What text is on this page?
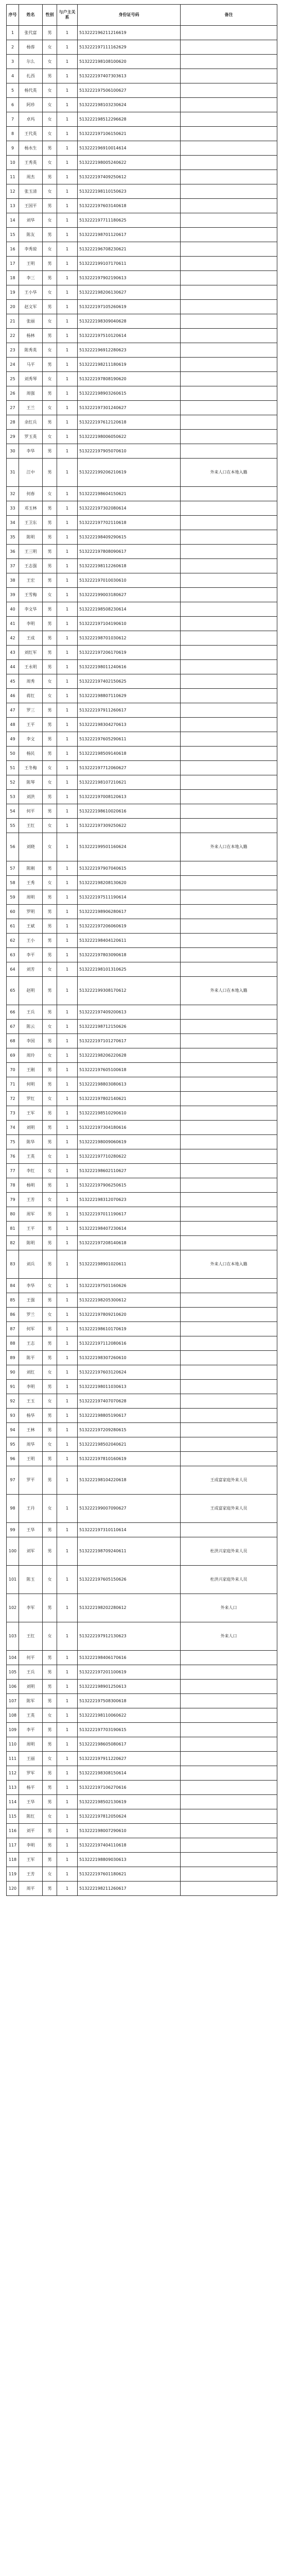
序号	姓名	性别	与户主关系	身份证号码	备注
1	张代富	男	1	513222196211216619	
2	杨蓉	女	1	513222197111162629	
3	尔么	女	1	513222198108100620	
4	扎西	男	1	513222197407303613	
5	杨代英	女	1	513222197506100627	
6	阿珍	女	1	513222198103230624	
7	卓玛	女	1	513222198512296628	
8	王代英	女	1	513222197106150621	
9	杨水生	男	1	513222196910014614	
10	王秀英	女	1	513222198005240622	
11	周杰	男	1	513222197409250612	
12	张玉清	女	1	513222198110150623	
13	王国平	男	1	513222197603140618	
14	刘华	女	1	513222197711180625	
15	陈友	男	1	513222198701120617	
16	李秀琼	女	1	513222196708230621	
17	王明	男	1	513222199107170611	
18	李三	男	1	513222197902190613	
19	王小华	女	1	513222198206130627	
20	赵文军	男	1	513222197105260619	
21	张丽	女	1	513222198309040628	
22	杨林	男	1	513222197510120614	
23	陈秀英	女	1	513222196912280623	
24	马平	男	1	513222198211180619	
25	刘秀琴	女	1	513222197808190620	
26	周强	男	1	513222198903260615	
27	王兰	女	1	513222197301240627	
28	余红兵	男	1	513222197612120618	
29	罗玉英	女	1	513222198006050622	
30	李华	男	1	513222197905070610	
31	江中	男	1	513222199206210619	外来人口在本地入籍
32	何春	女	1	513222198604150621	
33	邓玉林	男	1	513222197302080614	
34	王卫东	男	1	513222197702110618	
35	陈明	男	1	513222198409290615	
36	王三明	男	1	513222197808090617	
37	王志强	男	1	513222198112260618	
38	王宏	男	1	513222197010030610	
39	王雪梅	女	1	513222199003180627	
40	李文华	男	1	513222198508230614	
41	李明	男	1	513222197104190610	
42	王成	男	1	513222198701030612	
43	刘红军	男	1	513222197206170619	
44	王永明	男	1	513222198011240616	
45	周秀	女	1	513222197402150625	
46	蒋红	女	1	513222198807110629	
47	罗三	男	1	513222197911260617	
48	王平	男	1	513222198304270613	
49	李文	男	1	513222197605290611	
50	杨民	男	1	513222198509140618	
51	王冬梅	女	1	513222197712060627	
52	陈琴	女	1	513222198107210621	
53	刘洪	男	1	513222197008120613	
54	何平	男	1	513222198610020616	
55	王红	女	1	513222197309250622	
56	刘晓	女	1	513222199501160624	外来人口在本地入籍
57	陈刚	男	1	513222197907040615	
58	王秀	女	1	513222198208130620	
59	周明	男	1	513222197511190614	
60	罗明	男	1	513222198906280617	
61	王斌	男	1	513222197206060619	
62	王小	男	1	513222198404120611	
63	李平	男	1	513222197803090618	
64	刘芳	女	1	513222198101310625	
65	赵明	男	1	513222199308170612	外来人口在本地入籍
66	王兵	男	1	513222197409200613	
67	陈云	女	1	513222198712150626	
68	李国	男	1	513222197101270617	
69	周玲	女	1	513222198206220628	
70	王刚	男	1	513222197605100618	
71	何明	男	1	513222198803080613	
72	罗红	女	1	513222197802140621	
73	王军	男	1	513222198510290610	
74	刘明	男	1	513222197304180616	
75	陈华	男	1	513222198009060619	
76	王英	女	1	513222197710280622	
77	李红	女	1	513222198602110627	
78	杨明	男	1	513222197906250615	
79	王芳	女	1	513222198312070623	
80	周军	男	1	513222197011190617	
81	王平	男	1	513222198407230614	
82	陈明	男	1	513222197208140618	
83	刘兵	男	1	513222198901020611	外来人口在本地入籍
84	李华	女	1	513222197501160626	
85	王强	男	1	513222198205300612	
86	罗兰	女	1	513222197809210620	
87	何军	男	1	513222198610170619	
88	王志	男	1	513222197112080616	
89	陈平	男	1	513222198307260610	
90	刘红	女	1	513222197603120624	
91	李明	男	1	513222198011030613	
92	王玉	女	1	513222197407070628	
93	杨华	男	1	513222198805190617	
94	王林	男	1	513222197209280615	
95	周华	女	1	513222198502040621	
96	王明	男	1	513222197810160619	
97	罗平	男	1	513222198104220618	王成富家庭外来人员
98	王丹	女	1	513222199007090627	王成富家庭外来人员
99	王华	男	1	513222197310110614	
100	刘军	男	1	513222198709240611	杜洪兴家庭外来人员
101	陈玉	女	1	513222197605150626	杜洪兴家庭外来人员
102	李军	男	1	513222198202280612	外来人口
103	王红	女	1	513222197912130623	外来人口
104	何平	男	1	513222198406170616	
105	王兵	男	1	513222197201100619	
106	刘明	男	1	513222198901250613	
107	陈军	男	1	513222197508300618	
108	王英	女	1	513222198110060622	
109	李平	男	1	513222197703190615	
110	周明	男	1	513222198605080617	
111	王丽	女	1	513222197911220627	
112	罗军	男	1	513222198308150614	
113	杨平	男	1	513222197106270616	
114	王华	男	1	513222198502130619	
115	陈红	女	1	513222197812050624	
116	刘平	男	1	513222198007290610	
117	李明	男	1	513222197404110618	
118	王军	男	1	513222198809030613	
119	王芳	女	1	513222197601180621	
120	周平	男	1	513222198211260617	
